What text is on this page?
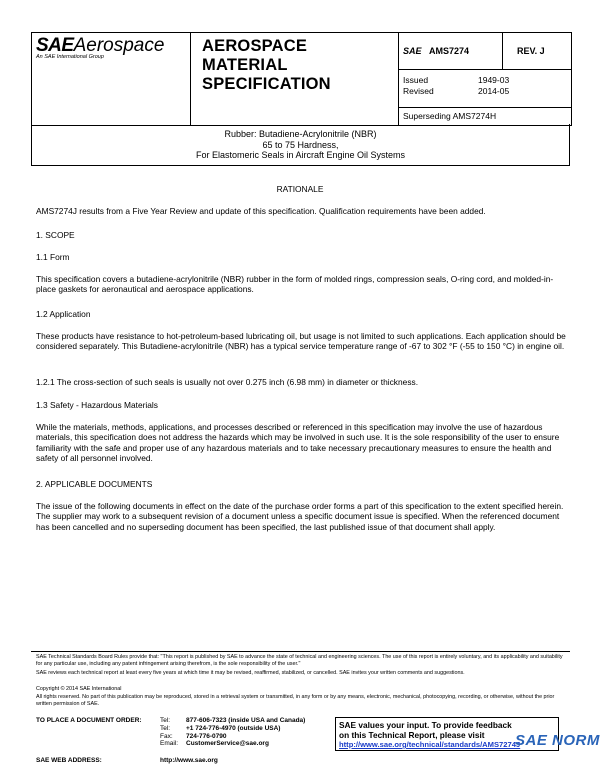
SAEAerospace
An SAE International Group
AEROSPACE
MATERIAL
SPECIFICATION
SAE AMS7274	REV. J
Issued	1949-03
Revised	2014-05
Superseding AMS7274H
Rubber: Butadiene-Acrylonitrile (NBR)
65 to 75 Hardness,
For Elastomeric Seals in Aircraft Engine Oil Systems
RATIONALE
AMS7274J results from a Five Year Review and update of this specification. Qualification requirements have been added.
1. SCOPE
1.1 Form
This specification covers a butadiene-acrylonitrile (NBR) rubber in the form of molded rings, compression seals, O-ring cord, and molded-in-place gaskets for aeronautical and aerospace applications.
1.2 Application
These products have resistance to hot-petroleum-based lubricating oil, but usage is not limited to such applications. Each application should be considered separately. This Butadiene-acrylonitrile (NBR) has a typical service temperature range of -67 to 302 °F (-55 to 150 °C) in engine oil.
1.2.1 The cross-section of such seals is usually not over 0.275 inch (6.98 mm) in diameter or thickness.
1.3 Safety - Hazardous Materials
While the materials, methods, applications, and processes described or referenced in this specification may involve the use of hazardous materials, this specification does not address the hazards which may be involved in such use. It is the sole responsibility of the user to ensure familiarity with the safe and proper use of any hazardous materials and to take necessary precautionary measures to ensure the health and safety of all personnel involved.
2. APPLICABLE DOCUMENTS
The issue of the following documents in effect on the date of the purchase order forms a part of this specification to the extent specified herein. The supplier may work to a subsequent revision of a document unless a specific document issue is specified. When the referenced document has been cancelled and no superseding document has been specified, the last published issue of that document shall apply.
SAE Technical Standards Board Rules provide that: "This report is published by SAE to advance the state of technical and engineering sciences. The use of this report is entirely voluntary, and its applicability and suitability for any particular use, including any patent infringement arising therefrom, is the sole responsibility of the user."
SAE reviews each technical report at least every five years at which time it may be revised, reaffirmed, stabilized, or cancelled. SAE invites your written comments and suggestions.
Copyright © 2014 SAE International
All rights reserved. No part of this publication may be reproduced, stored in a retrieval system or transmitted, in any form or by any means, electronic, mechanical, photocopying, recording, or otherwise, without the prior written permission of SAE.
TO PLACE A DOCUMENT ORDER:	Tel: 877-606-7323 (inside USA and Canada)
Tel: +1 724-776-4970 (outside USA)
Fax: 724-776-0790
Email: CustomerService@sae.org
SAE WEB ADDRESS:	http://www.sae.org
SAE values your input. To provide feedback
on this Technical Report, please visit
http://www.sae.org/technical/standards/AMS7274J
SAE NORM
